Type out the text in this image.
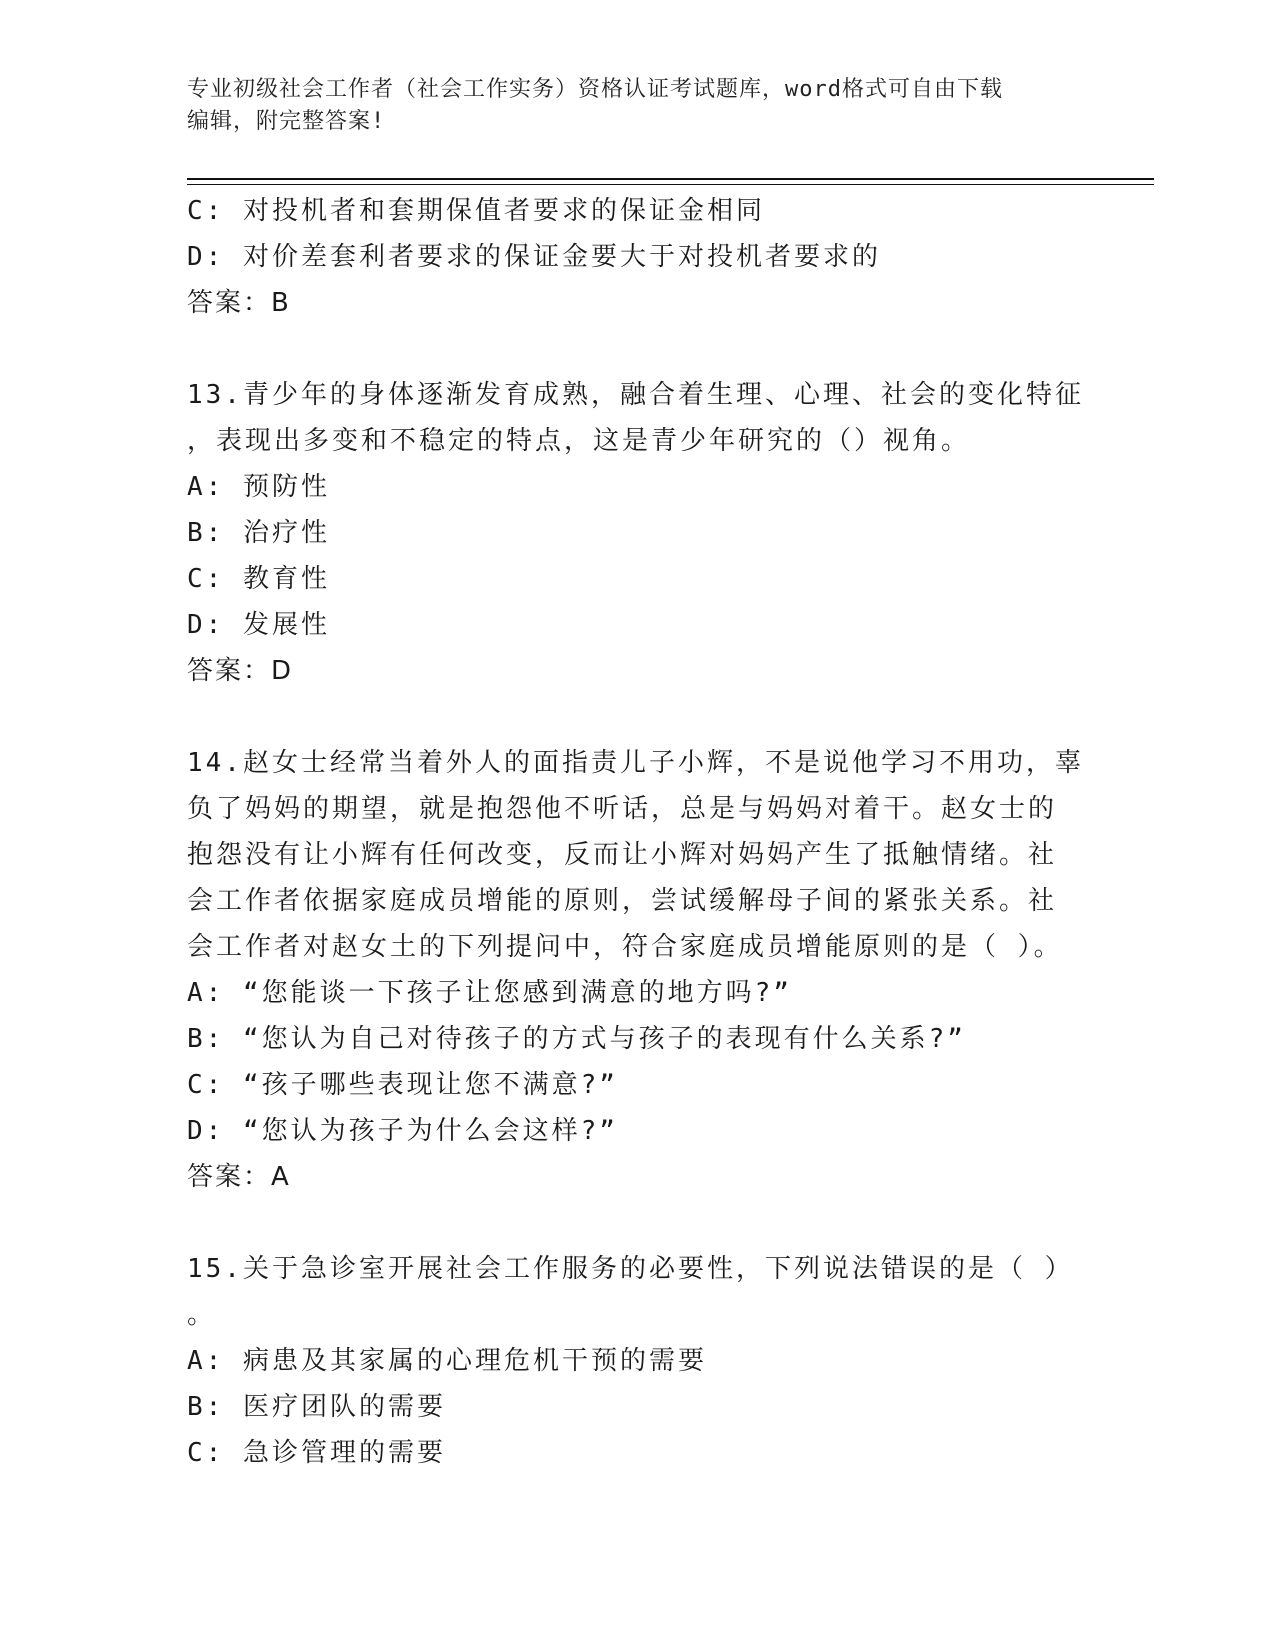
专业初级社会工作者（社会工作实务）资格认证考试题库，word格式可自由下载
编辑，附完整答案!
C: 对投机者和套期保值者要求的保证金相同
D: 对价差套利者要求的保证金要大于对投机者要求的
答案：B
13.青少年的身体逐渐发育成熟，融合着生理、心理、社会的变化特征
，表现出多变和不稳定的特点，这是青少年研究的（）视角。
A: 预防性
B: 治疗性
C: 教育性
D: 发展性
答案：D
14.赵女士经常当着外人的面指责儿子小辉，不是说他学习不用功，辜
负了妈妈的期望，就是抱怨他不听话，总是与妈妈对着干。赵女士的
抱怨没有让小辉有任何改变，反而让小辉对妈妈产生了抵触情绪。社
会工作者依据家庭成员增能的原则，尝试缓解母子间的紧张关系。社
会工作者对赵女土的下列提问中，符合家庭成员增能原则的是（ ）。
A: “您能谈一下孩子让您感到满意的地方吗?”
B: “您认为自己对待孩子的方式与孩子的表现有什么关系?”
C: “孩子哪些表现让您不满意?”
D: “您认为孩子为什么会这样?”
答案：A
15.关于急诊室开展社会工作服务的必要性，下列说法错误的是（ ）
。
A: 病患及其家属的心理危机干预的需要
B: 医疗团队的需要
C: 急诊管理的需要
